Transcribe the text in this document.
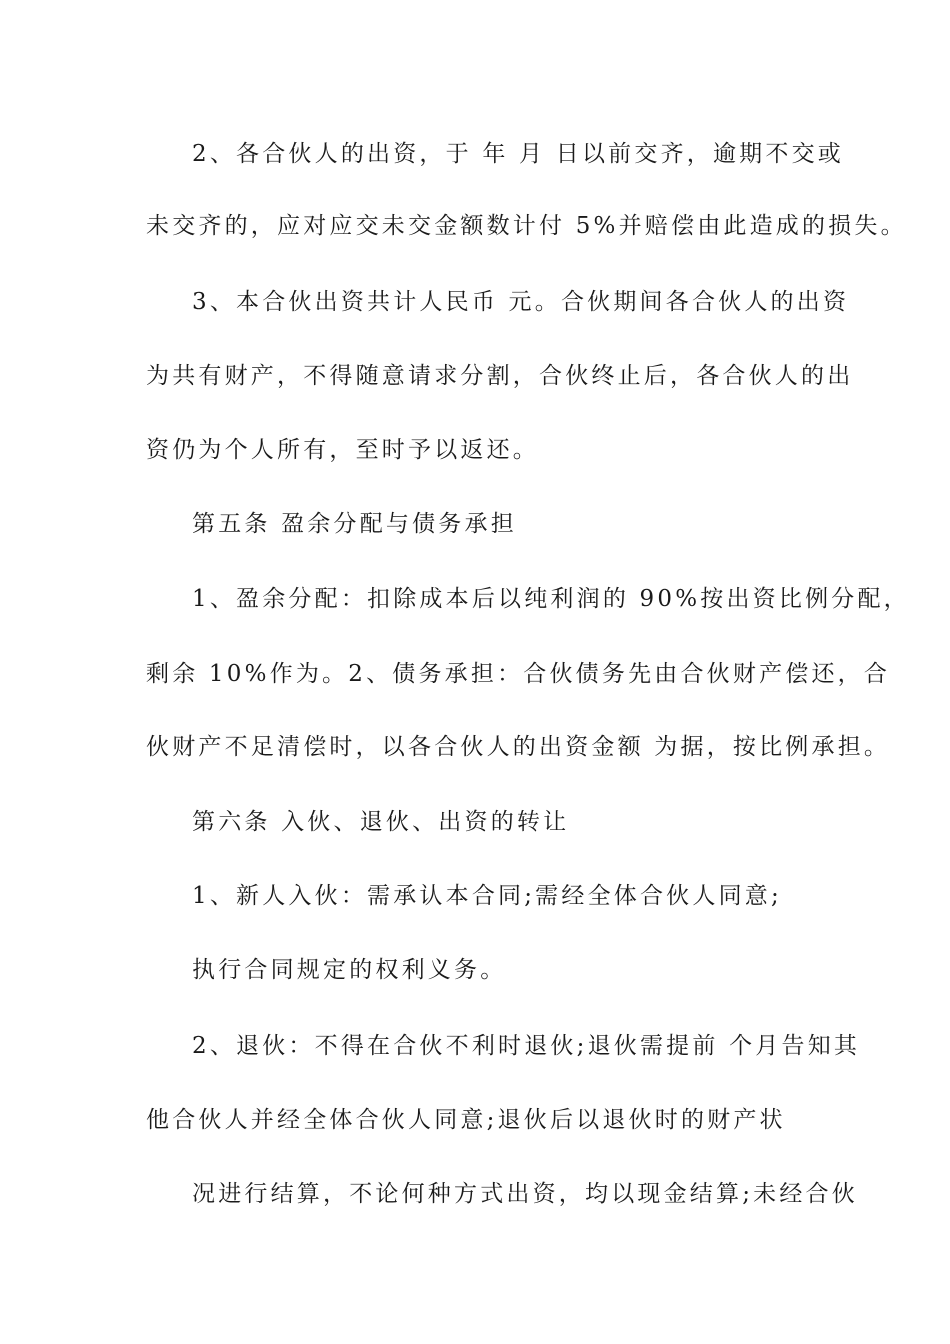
2、各合伙人的出资，于 年 月 日以前交齐，逾期不交或
未交齐的，应对应交未交金额数计付 5%并赔偿由此造成的损失。
3、本合伙出资共计人民币 元。合伙期间各合伙人的出资
为共有财产，不得随意请求分割，合伙终止后，各合伙人的出
资仍为个人所有，至时予以返还。
第五条 盈余分配与债务承担
1、盈余分配：扣除成本后以纯利润的 90%按出资比例分配，
剩余 10%作为。2、债务承担：合伙债务先由合伙财产偿还，合
伙财产不足清偿时，以各合伙人的出资金额 为据，按比例承担。
第六条 入伙、退伙、出资的转让
1、新人入伙：需承认本合同;需经全体合伙人同意;
执行合同规定的权利义务。
2、退伙：不得在合伙不利时退伙;退伙需提前 个月告知其
他合伙人并经全体合伙人同意;退伙后以退伙时的财产状
况进行结算，不论何种方式出资，均以现金结算;未经合伙
